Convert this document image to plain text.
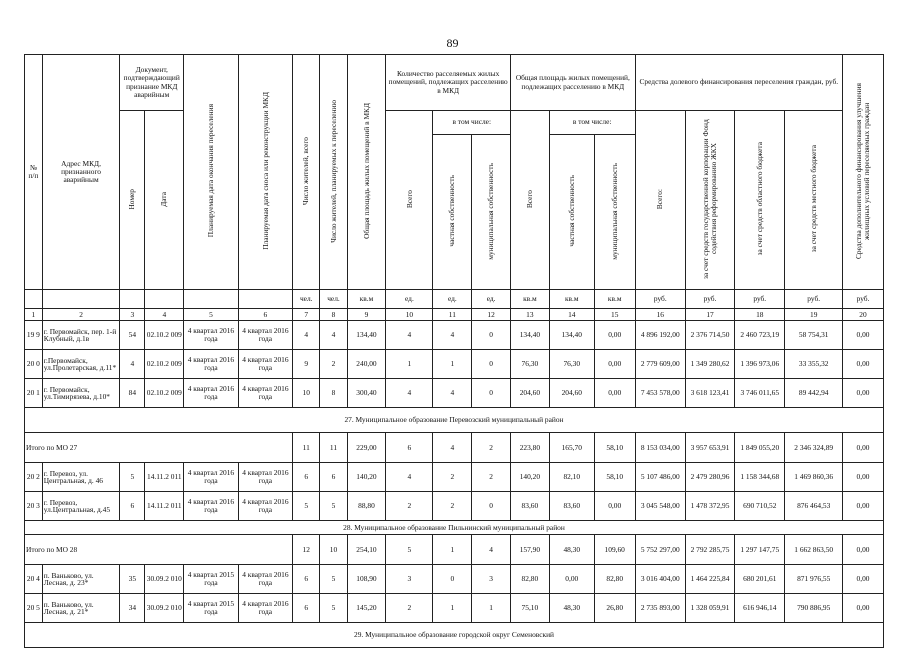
89
№ п/п	Адрес МКД, признанного аварийным	Документ, подтверждающий признание МКД аварийным		Планируемая дата окончания переселения	Планируемая дата сноса или реконструкции МКД	Число жителей, всего	Число жителей, планируемых к переселению	Общая площадь жилых помещений в МКД	Количество расселяемых жилых помещений, подлежащих расселению в МКД			Общая площадь жилых помещений, подлежащих расселению в МКД			Средства долевого финансирования переселения граждан, руб.				Средства дополнительного финансирования улучшения жилищных условий переселяемых граждан
		Номер	Дата						Всего	в том числе:		Всего	в том числе:		Всего:	за счет средств государственной корпорации Фонд содействия реформированию ЖКХ	за счет средств областного бюджета	за счет средств местного бюджета	
										частная собственность	муниципальная собственность		частная собственность	муниципальная собственность					
						чел.	чел.	кв.м	ед.	ед.	ед.	кв.м	кв.м	кв.м	руб.	руб.	руб.	руб.	руб.
1	2	3	4	5	6	7	8	9	10	11	12	13	14	15	16	17	18	19	20
19 9	г. Первомайск, пер. 1-й Клубный, д.1в	54	02.10.2 009	4 квартал 2016 года	4 квартал 2016 года	4	4	134,40	4	4	0	134,40	134,40	0,00	4 896 192,00	2 376 714,50	2 460 723,19	58 754,31	0,00
20 0	г.Первомайск, ул.Пролетарская, д.11*	4	02.10.2 009	4 квартал 2016 года	4 квартал 2016 года	9	2	240,00	1	1	0	76,30	76,30	0,00	2 779 609,00	1 349 280,62	1 396 973,06	33 355,32	0,00
20 1	г. Первомайск, ул.Тимирязева, д.10*	84	02.10.2 009	4 квартал 2016 года	4 квартал 2016 года	10	8	300,40	4	4	0	204,60	204,60	0,00	7 453 578,00	3 618 123,41	3 746 011,65	89 442,94	0,00
27. Муниципальное образование Перевозский муниципальный район																			
Итого по МО 27						11	11	229,00	6	4	2	223,80	165,70	58,10	8 153 034,00	3 957 653,91	1 849 055,20	2 346 324,89	0,00
20 2	г. Перевоз, ул. Центральная, д. 46	5	14.11.2 011	4 квартал 2016 года	4 квартал 2016 года	6	6	140,20	4	2	2	140,20	82,10	58,10	5 107 486,00	2 479 280,96	1 158 344,68	1 469 860,36	0,00
20 3	г. Перевоз, ул.Центральная, д.45	6	14.11.2 011	4 квартал 2016 года	4 квартал 2016 года	5	5	88,80	2	2	0	83,60	83,60	0,00	3 045 548,00	1 478 372,95	690 710,52	876 464,53	0,00
28. Муниципальное образование Пильнинский муниципальный район																			
Итого по МО 28						12	10	254,10	5	1	4	157,90	48,30	109,60	5 752 297,00	2 792 285,75	1 297 147,75	1 662 863,50	0,00
20 4	п. Ваньково, ул. Лесная, д. 23*	35	30.09.2 010	4 квартал 2015 года	4 квартал 2016 года	6	5	108,90	3	0	3	82,80	0,00	82,80	3 016 404,00	1 464 225,84	680 201,61	871 976,55	0,00
20 5	п. Ваньково, ул. Лесная, д. 21*	34	30.09.2 010	4 квартал 2015 года	4 квартал 2016 года	6	5	145,20	2	1	1	75,10	48,30	26,80	2 735 893,00	1 328 059,91	616 946,14	790 886,95	0,00
29. Муниципальное образование городской округ Семеновский																			
